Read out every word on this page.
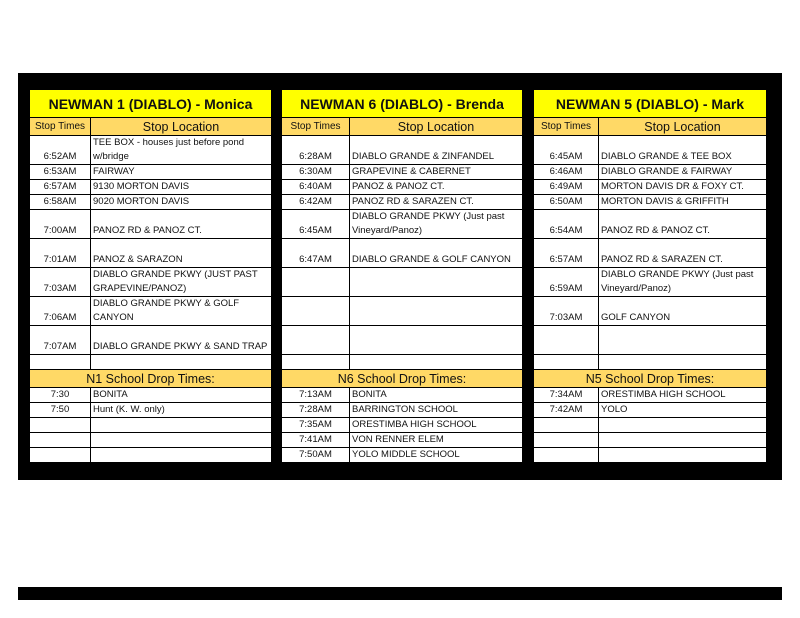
NEWMAN 1 (DIABLO) - Monica	
Stop Times	Stop Location
6:52AM	TEE BOX - houses just before pond w/bridge
6:53AM	FAIRWAY
6:57AM	9130 MORTON DAVIS
6:58AM	9020 MORTON DAVIS
7:00AM	PANOZ RD & PANOZ CT.
7:01AM	PANOZ & SARAZON
7:03AM	DIABLO GRANDE PKWY (JUST PAST GRAPEVINE/PANOZ)
7:06AM	DIABLO GRANDE PKWY & GOLF CANYON
7:07AM	DIABLO GRANDE PKWY & SAND TRAP

N1 School Drop Times:	
7:30	BONITA
7:50	Hunt (K. W. only)

NEWMAN 6 (DIABLO) - Brenda	
Stop Times	Stop Location
6:28AM	DIABLO GRANDE & ZINFANDEL
6:30AM	GRAPEVINE & CABERNET
6:40AM	PANOZ & PANOZ CT.
6:42AM	PANOZ RD & SARAZEN CT.
6:45AM	DIABLO GRANDE PKWY (Just past Vineyard/Panoz)
6:47AM	DIABLO GRANDE & GOLF CANYON

N6 School Drop Times:	
7:13AM	BONITA
7:28AM	BARRINGTON SCHOOL
7:35AM	ORESTIMBA HIGH SCHOOL
7:41AM	VON RENNER ELEM
7:50AM	YOLO MIDDLE SCHOOL
NEWMAN 5 (DIABLO) - Mark	
Stop Times	Stop Location
6:45AM	DIABLO GRANDE & TEE BOX
6:46AM	DIABLO GRANDE & FAIRWAY
6:49AM	MORTON DAVIS DR & FOXY CT.
6:50AM	MORTON DAVIS & GRIFFITH
6:54AM	PANOZ RD & PANOZ CT.
6:57AM	PANOZ RD & SARAZEN CT.
6:59AM	DIABLO GRANDE PKWY (Just past Vineyard/Panoz)
7:03AM	GOLF CANYON

N5 School Drop Times:	
7:34AM	ORESTIMBA HIGH SCHOOL
7:42AM	YOLO
